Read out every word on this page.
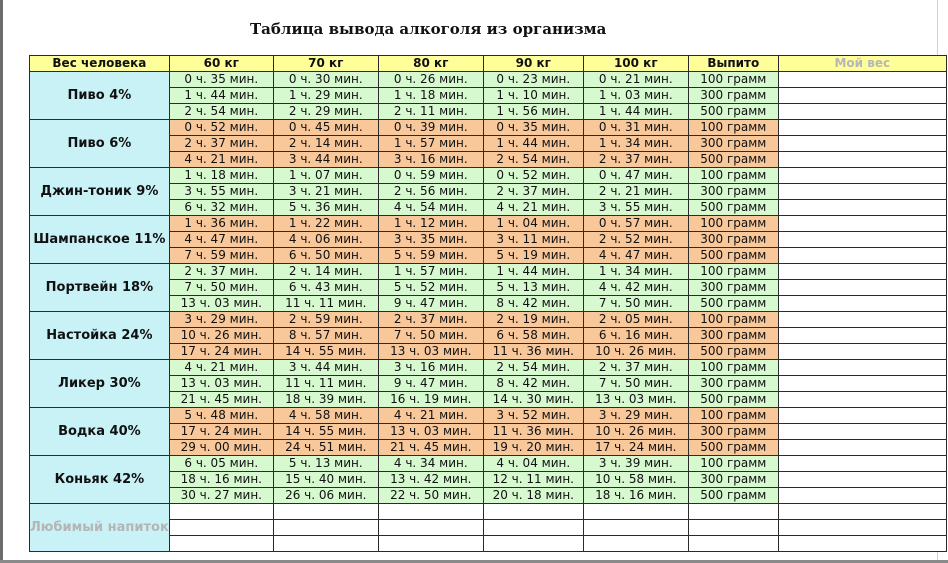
Таблица вывода алкоголя из организма
Вес человека	60 кг	70 кг	80 кг	90 кг	100 кг	Выпито	Мой вес
Пиво 4%	0 ч. 35 мин.	0 ч. 30 мин.	0 ч. 26 мин.	0 ч. 23 мин.	0 ч. 21 мин.	100 грамм	
	1 ч. 44 мин.	1 ч. 29 мин.	1 ч. 18 мин.	1 ч. 10 мин.	1 ч. 03 мин.	300 грамм	
	2 ч. 54 мин.	2 ч. 29 мин.	2 ч. 11 мин.	1 ч. 56 мин.	1 ч. 44 мин.	500 грамм	
Пиво 6%	0 ч. 52 мин.	0 ч. 45 мин.	0 ч. 39 мин.	0 ч. 35 мин.	0 ч. 31 мин.	100 грамм	
	2 ч. 37 мин.	2 ч. 14 мин.	1 ч. 57 мин.	1 ч. 44 мин.	1 ч. 34 мин.	300 грамм	
	4 ч. 21 мин.	3 ч. 44 мин.	3 ч. 16 мин.	2 ч. 54 мин.	2 ч. 37 мин.	500 грамм	
Джин-тоник 9%	1 ч. 18 мин.	1 ч. 07 мин.	0 ч. 59 мин.	0 ч. 52 мин.	0 ч. 47 мин.	100 грамм	
	3 ч. 55 мин.	3 ч. 21 мин.	2 ч. 56 мин.	2 ч. 37 мин.	2 ч. 21 мин.	300 грамм	
	6 ч. 32 мин.	5 ч. 36 мин.	4 ч. 54 мин.	4 ч. 21 мин.	3 ч. 55 мин.	500 грамм	
Шампанское 11%	1 ч. 36 мин.	1 ч. 22 мин.	1 ч. 12 мин.	1 ч. 04 мин.	0 ч. 57 мин.	100 грамм	
	4 ч. 47 мин.	4 ч. 06 мин.	3 ч. 35 мин.	3 ч. 11 мин.	2 ч. 52 мин.	300 грамм	
	7 ч. 59 мин.	6 ч. 50 мин.	5 ч. 59 мин.	5 ч. 19 мин.	4 ч. 47 мин.	500 грамм	
Портвейн 18%	2 ч. 37 мин.	2 ч. 14 мин.	1 ч. 57 мин.	1 ч. 44 мин.	1 ч. 34 мин.	100 грамм	
	7 ч. 50 мин.	6 ч. 43 мин.	5 ч. 52 мин.	5 ч. 13 мин.	4 ч. 42 мин.	300 грамм	
	13 ч. 03 мин.	11 ч. 11 мин.	9 ч. 47 мин.	8 ч. 42 мин.	7 ч. 50 мин.	500 грамм	
Настойка 24%	3 ч. 29 мин.	2 ч. 59 мин.	2 ч. 37 мин.	2 ч. 19 мин.	2 ч. 05 мин.	100 грамм	
	10 ч. 26 мин.	8 ч. 57 мин.	7 ч. 50 мин.	6 ч. 58 мин.	6 ч. 16 мин.	300 грамм	
	17 ч. 24 мин.	14 ч. 55 мин.	13 ч. 03 мин.	11 ч. 36 мин.	10 ч. 26 мин.	500 грамм	
Ликер 30%	4 ч. 21 мин.	3 ч. 44 мин.	3 ч. 16 мин.	2 ч. 54 мин.	2 ч. 37 мин.	100 грамм	
	13 ч. 03 мин.	11 ч. 11 мин.	9 ч. 47 мин.	8 ч. 42 мин.	7 ч. 50 мин.	300 грамм	
	21 ч. 45 мин.	18 ч. 39 мин.	16 ч. 19 мин.	14 ч. 30 мин.	13 ч. 03 мин.	500 грамм	
Водка 40%	5 ч. 48 мин.	4 ч. 58 мин.	4 ч. 21 мин.	3 ч. 52 мин.	3 ч. 29 мин.	100 грамм	
	17 ч. 24 мин.	14 ч. 55 мин.	13 ч. 03 мин.	11 ч. 36 мин.	10 ч. 26 мин.	300 грамм	
	29 ч. 00 мин.	24 ч. 51 мин.	21 ч. 45 мин.	19 ч. 20 мин.	17 ч. 24 мин.	500 грамм	
Коньяк 42%	6 ч. 05 мин.	5 ч. 13 мин.	4 ч. 34 мин.	4 ч. 04 мин.	3 ч. 39 мин.	100 грамм	
	18 ч. 16 мин.	15 ч. 40 мин.	13 ч. 42 мин.	12 ч. 11 мин.	10 ч. 58 мин.	300 грамм	
	30 ч. 27 мин.	26 ч. 06 мин.	22 ч. 50 мин.	20 ч. 18 мин.	18 ч. 16 мин.	500 грамм	
Любимый напиток							
